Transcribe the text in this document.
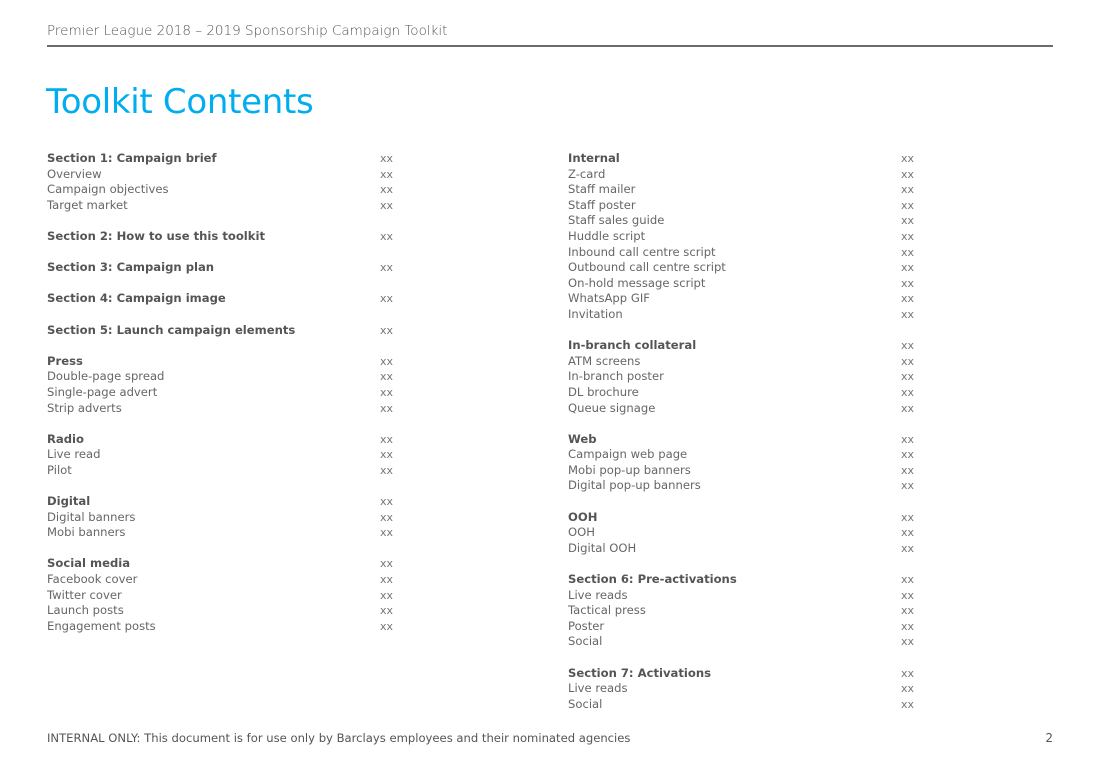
Premier League 2018 – 2019 Sponsorship Campaign Toolkit
Toolkit Contents
Section 1: Campaign brief	xx
Overview	xx
Campaign objectives	xx
Target market	xx
Section 2: How to use this toolkit	xx
Section 3: Campaign plan	xx
Section 4: Campaign image	xx
Section 5: Launch campaign elements	xx
Press	xx
Double-page spread	xx
Single-page advert	xx
Strip adverts	xx
Radio	xx
Live read	xx
Pilot	xx
Digital	xx
Digital banners	xx
Mobi banners	xx
Social media	xx
Facebook cover	xx
Twitter cover	xx
Launch posts	xx
Engagement posts	xx
Internal	xx
Z-card	xx
Staff mailer	xx
Staff poster	xx
Staff sales guide	xx
Huddle script	xx
Inbound call centre script	xx
Outbound call centre script	xx
On-hold message script	xx
WhatsApp GIF	xx
Invitation	xx
In-branch collateral	xx
ATM screens	xx
In-branch poster	xx
DL brochure	xx
Queue signage	xx
Web	xx
Campaign web page	xx
Mobi pop-up banners	xx
Digital pop-up banners	xx
OOH	xx
OOH	xx
Digital OOH	xx
Section 6: Pre-activations	xx
Live reads	xx
Tactical press	xx
Poster	xx
Social	xx
Section 7: Activations	xx
Live reads	xx
Social	xx
INTERNAL ONLY: This document is for use only by Barclays employees and their nominated agencies	2
